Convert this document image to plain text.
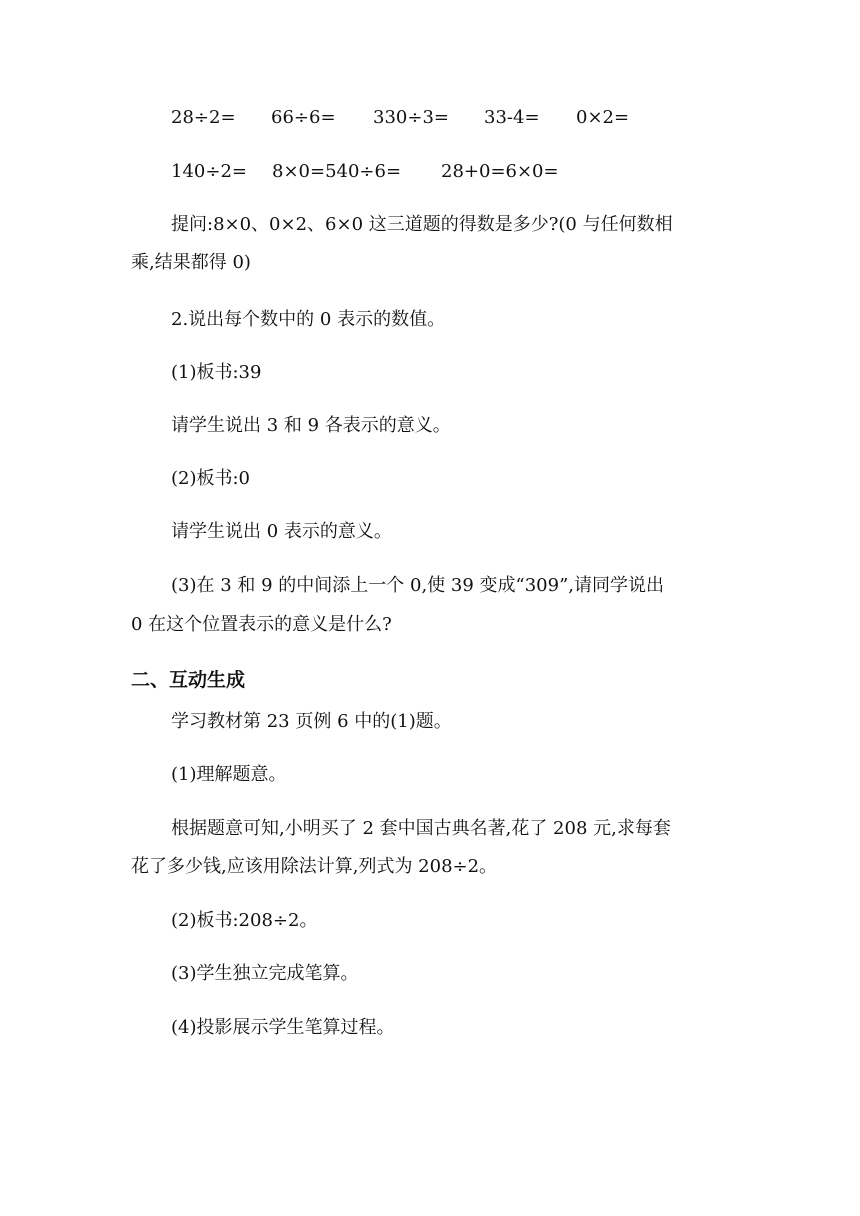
28÷2= 66÷6= 330÷3= 33-4= 0×2=
140÷2= 8×0=540÷6= 28+0=6×0=
提问:8×0、0×2、6×0 这三道题的得数是多少?(0 与任何数相
乘,结果都得 0)
2.说出每个数中的 0 表示的数值。
(1)板书:39
请学生说出 3 和 9 各表示的意义。
(2)板书:0
请学生说出 0 表示的意义。
(3)在 3 和 9 的中间添上一个 0,使 39 变成“309”,请同学说出
0 在这个位置表示的意义是什么?
二、互动生成
学习教材第 23 页例 6 中的(1)题。
(1)理解题意。
根据题意可知,小明买了 2 套中国古典名著,花了 208 元,求每套
花了多少钱,应该用除法计算,列式为 208÷2。
(2)板书:208÷2。
(3)学生独立完成笔算。
(4)投影展示学生笔算过程。
